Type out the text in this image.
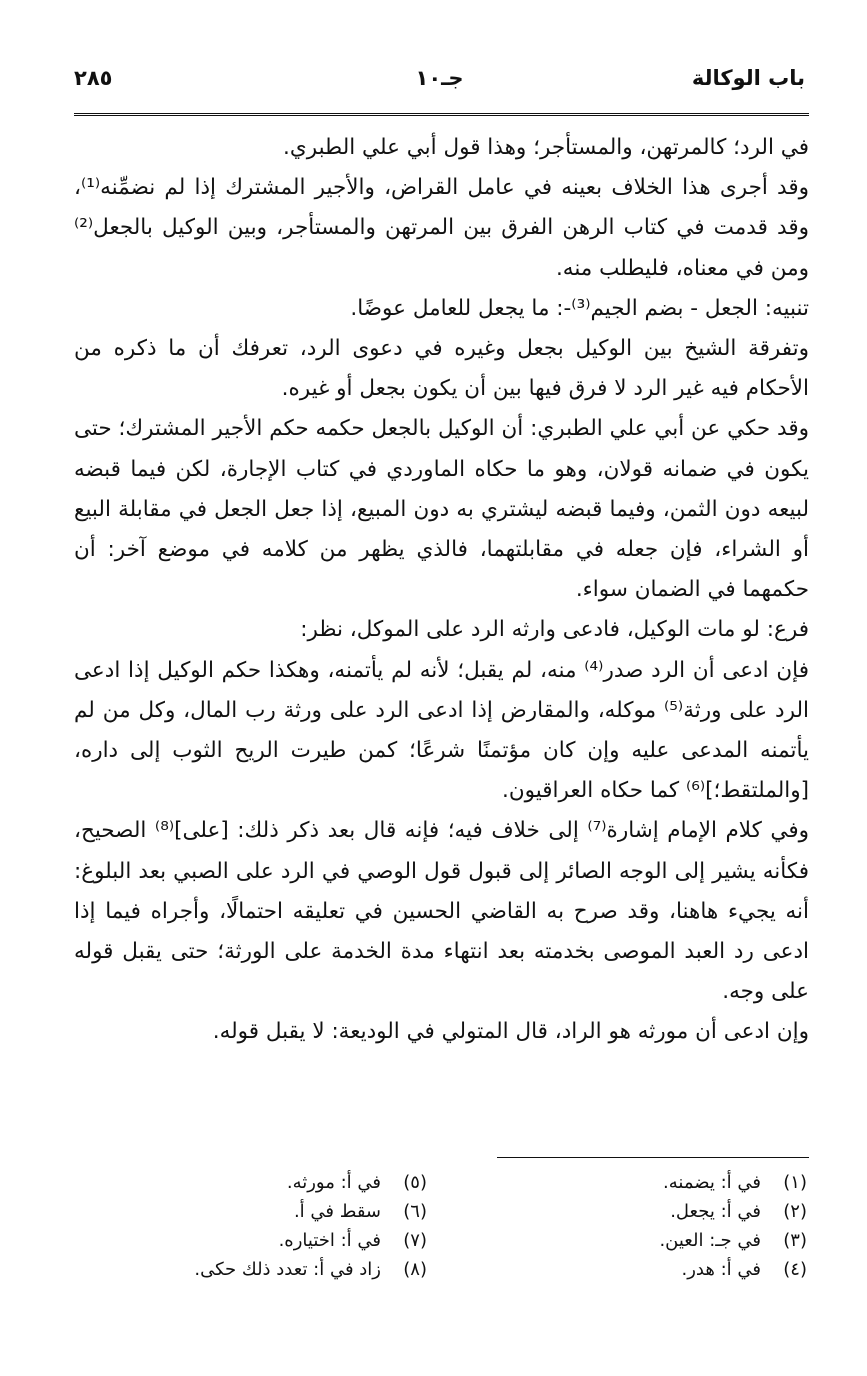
باب الوكالة
جـ١٠
٢٨٥

في الرد؛ كالمرتهن، والمستأجر؛ وهذا قول أبي علي الطبري.

وقد أجرى هذا الخلاف بعينه في عامل القراض، والأجير المشترك إذا لم نضمِّنه⁽¹⁾، وقد قدمت في كتاب الرهن الفرق بين المرتهن والمستأجر، وبين الوكيل بالجعل⁽²⁾ ومن في معناه، فليطلب منه.

تنبيه: الجعل - بضم الجيم⁽³⁾-: ما يجعل للعامل عوضًا.

وتفرقة الشيخ بين الوكيل بجعل وغيره في دعوى الرد، تعرفك أن ما ذكره من الأحكام فيه غير الرد لا فرق فيها بين أن يكون بجعل أو غيره.

وقد حكي عن أبي علي الطبري: أن الوكيل بالجعل حكمه حكم الأجير المشترك؛ حتى يكون في ضمانه قولان، وهو ما حكاه الماوردي في كتاب الإجارة، لكن فيما قبضه لبيعه دون الثمن، وفيما قبضه ليشتري به دون المبيع، إذا جعل الجعل في مقابلة البيع أو الشراء، فإن جعله في مقابلتهما، فالذي يظهر من كلامه في موضع آخر: أن حكمهما في الضمان سواء.

فرع: لو مات الوكيل، فادعى وارثه الرد على الموكل، نظر:

فإن ادعى أن الرد صدر⁽⁴⁾ منه، لم يقبل؛ لأنه لم يأتمنه، وهكذا حكم الوكيل إذا ادعى الرد على ورثة⁽⁵⁾ موكله، والمقارض إذا ادعى الرد على ورثة رب المال، وكل من لم يأتمنه المدعى عليه وإن كان مؤتمنًا شرعًا؛ كمن طيرت الريح الثوب إلى داره، [والملتقط؛]⁽⁶⁾ كما حكاه العراقيون.

وفي كلام الإمام إشارة⁽⁷⁾ إلى خلاف فيه؛ فإنه قال بعد ذكر ذلك: [على]⁽⁸⁾ الصحيح، فكأنه يشير إلى الوجه الصائر إلى قبول قول الوصي في الرد على الصبي بعد البلوغ: أنه يجيء هاهنا، وقد صرح به القاضي الحسين في تعليقه احتمالًا، وأجراه فيما إذا ادعى رد العبد الموصى بخدمته بعد انتهاء مدة الخدمة على الورثة؛ حتى يقبل قوله على وجه.

وإن ادعى أن مورثه هو الراد، قال المتولي في الوديعة: لا يقبل قوله.

(١)في أ: يضمنه.
(٢)في أ: يجعل.
(٣)في جـ: العين.
(٤)في أ: هدر.
(٥)في أ: مورثه.
(٦)سقط في أ.
(٧)في أ: اختياره.
(٨)زاد في أ: تعدد ذلك حكى.
